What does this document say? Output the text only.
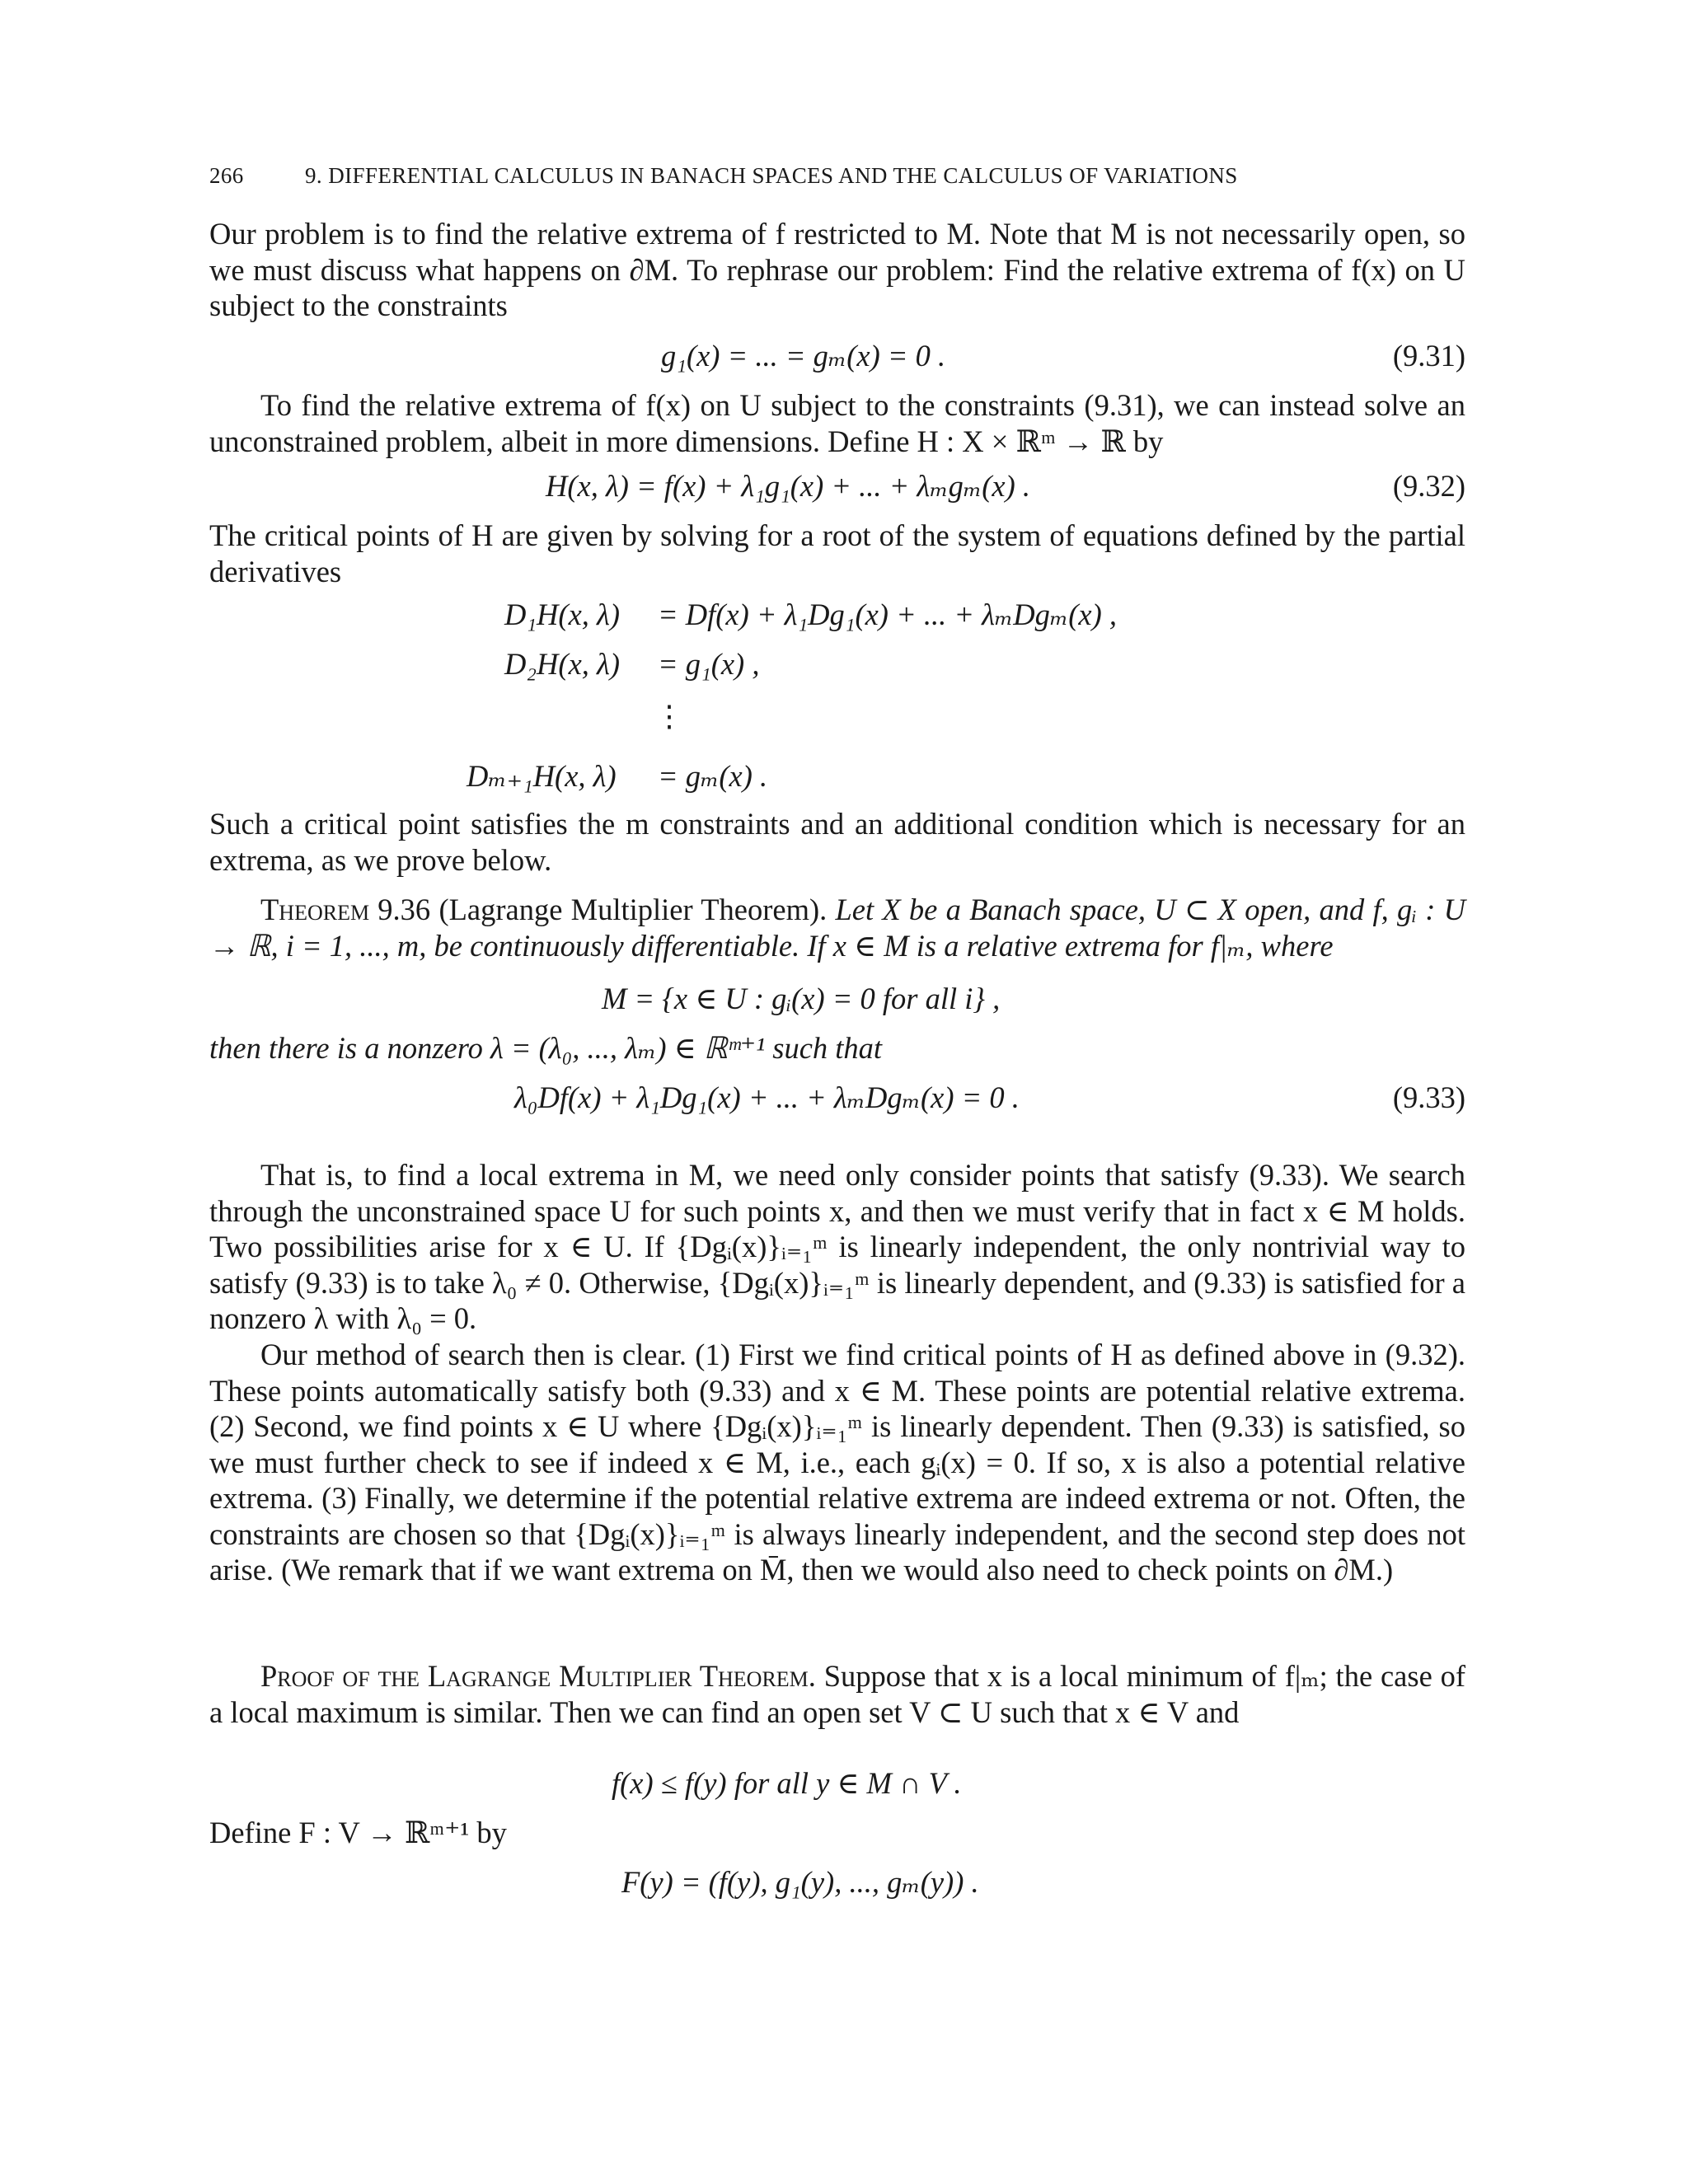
266	9. DIFFERENTIAL CALCULUS IN BANACH SPACES AND THE CALCULUS OF VARIATIONS

Our problem is to find the relative extrema of f restricted to M. Note that M is not necessarily open, so we must discuss what happens on ∂M. To rephrase our problem: Find the relative extrema of f(x) on U subject to the constraints

g₁(x) = ... = gₘ(x) = 0 .	(9.31)

To find the relative extrema of f(x) on U subject to the constraints (9.31), we can instead solve an unconstrained problem, albeit in more dimensions. Define H : X × ℝᵐ → ℝ by

H(x, λ) = f(x) + λ₁g₁(x) + ... + λₘgₘ(x) .	(9.32)

The critical points of H are given by solving for a root of the system of equations defined by the partial derivatives

D₁H(x, λ) = Df(x) + λ₁Dg₁(x) + ... + λₘDgₘ(x) ,
D₂H(x, λ) = g₁(x) ,
⋮
Dₘ₊₁H(x, λ) = gₘ(x) .

Such a critical point satisfies the m constraints and an additional condition which is necessary for an extrema, as we prove below.

Theorem 9.36 (Lagrange Multiplier Theorem). Let X be a Banach space, U ⊂ X open, and f, gᵢ : U → ℝ, i = 1, ..., m, be continuously differentiable. If x ∈ M is a relative extrema for f|ₘ, where

M = {x ∈ U : gᵢ(x) = 0 for all i} ,

then there is a nonzero λ = (λ₀, ..., λₘ) ∈ ℝᵐ⁺¹ such that

λ₀Df(x) + λ₁Dg₁(x) + ... + λₘDgₘ(x) = 0 .	(9.33)

That is, to find a local extrema in M, we need only consider points that satisfy (9.33). We search through the unconstrained space U for such points x, and then we must verify that in fact x ∈ M holds. Two possibilities arise for x ∈ U. If {Dgᵢ(x)}ᵢ₌₁ᵐ is linearly independent, the only nontrivial way to satisfy (9.33) is to take λ₀ ≠ 0. Otherwise, {Dgᵢ(x)}ᵢ₌₁ᵐ is linearly dependent, and (9.33) is satisfied for a nonzero λ with λ₀ = 0.

Our method of search then is clear. (1) First we find critical points of H as defined above in (9.32). These points automatically satisfy both (9.33) and x ∈ M. These points are potential relative extrema. (2) Second, we find points x ∈ U where {Dgᵢ(x)}ᵢ₌₁ᵐ is linearly dependent. Then (9.33) is satisfied, so we must further check to see if indeed x ∈ M, i.e., each gᵢ(x) = 0. If so, x is also a potential relative extrema. (3) Finally, we determine if the potential relative extrema are indeed extrema or not. Often, the constraints are chosen so that {Dgᵢ(x)}ᵢ₌₁ᵐ is always linearly independent, and the second step does not arise. (We remark that if we want extrema on M̄, then we would also need to check points on ∂M.)

Proof of the Lagrange Multiplier Theorem. Suppose that x is a local minimum of f|ₘ; the case of a local maximum is similar. Then we can find an open set V ⊂ U such that x ∈ V and

f(x) ≤ f(y) for all y ∈ M ∩ V .

Define F : V → ℝᵐ⁺¹ by

F(y) = (f(y), g₁(y), ..., gₘ(y)) .
